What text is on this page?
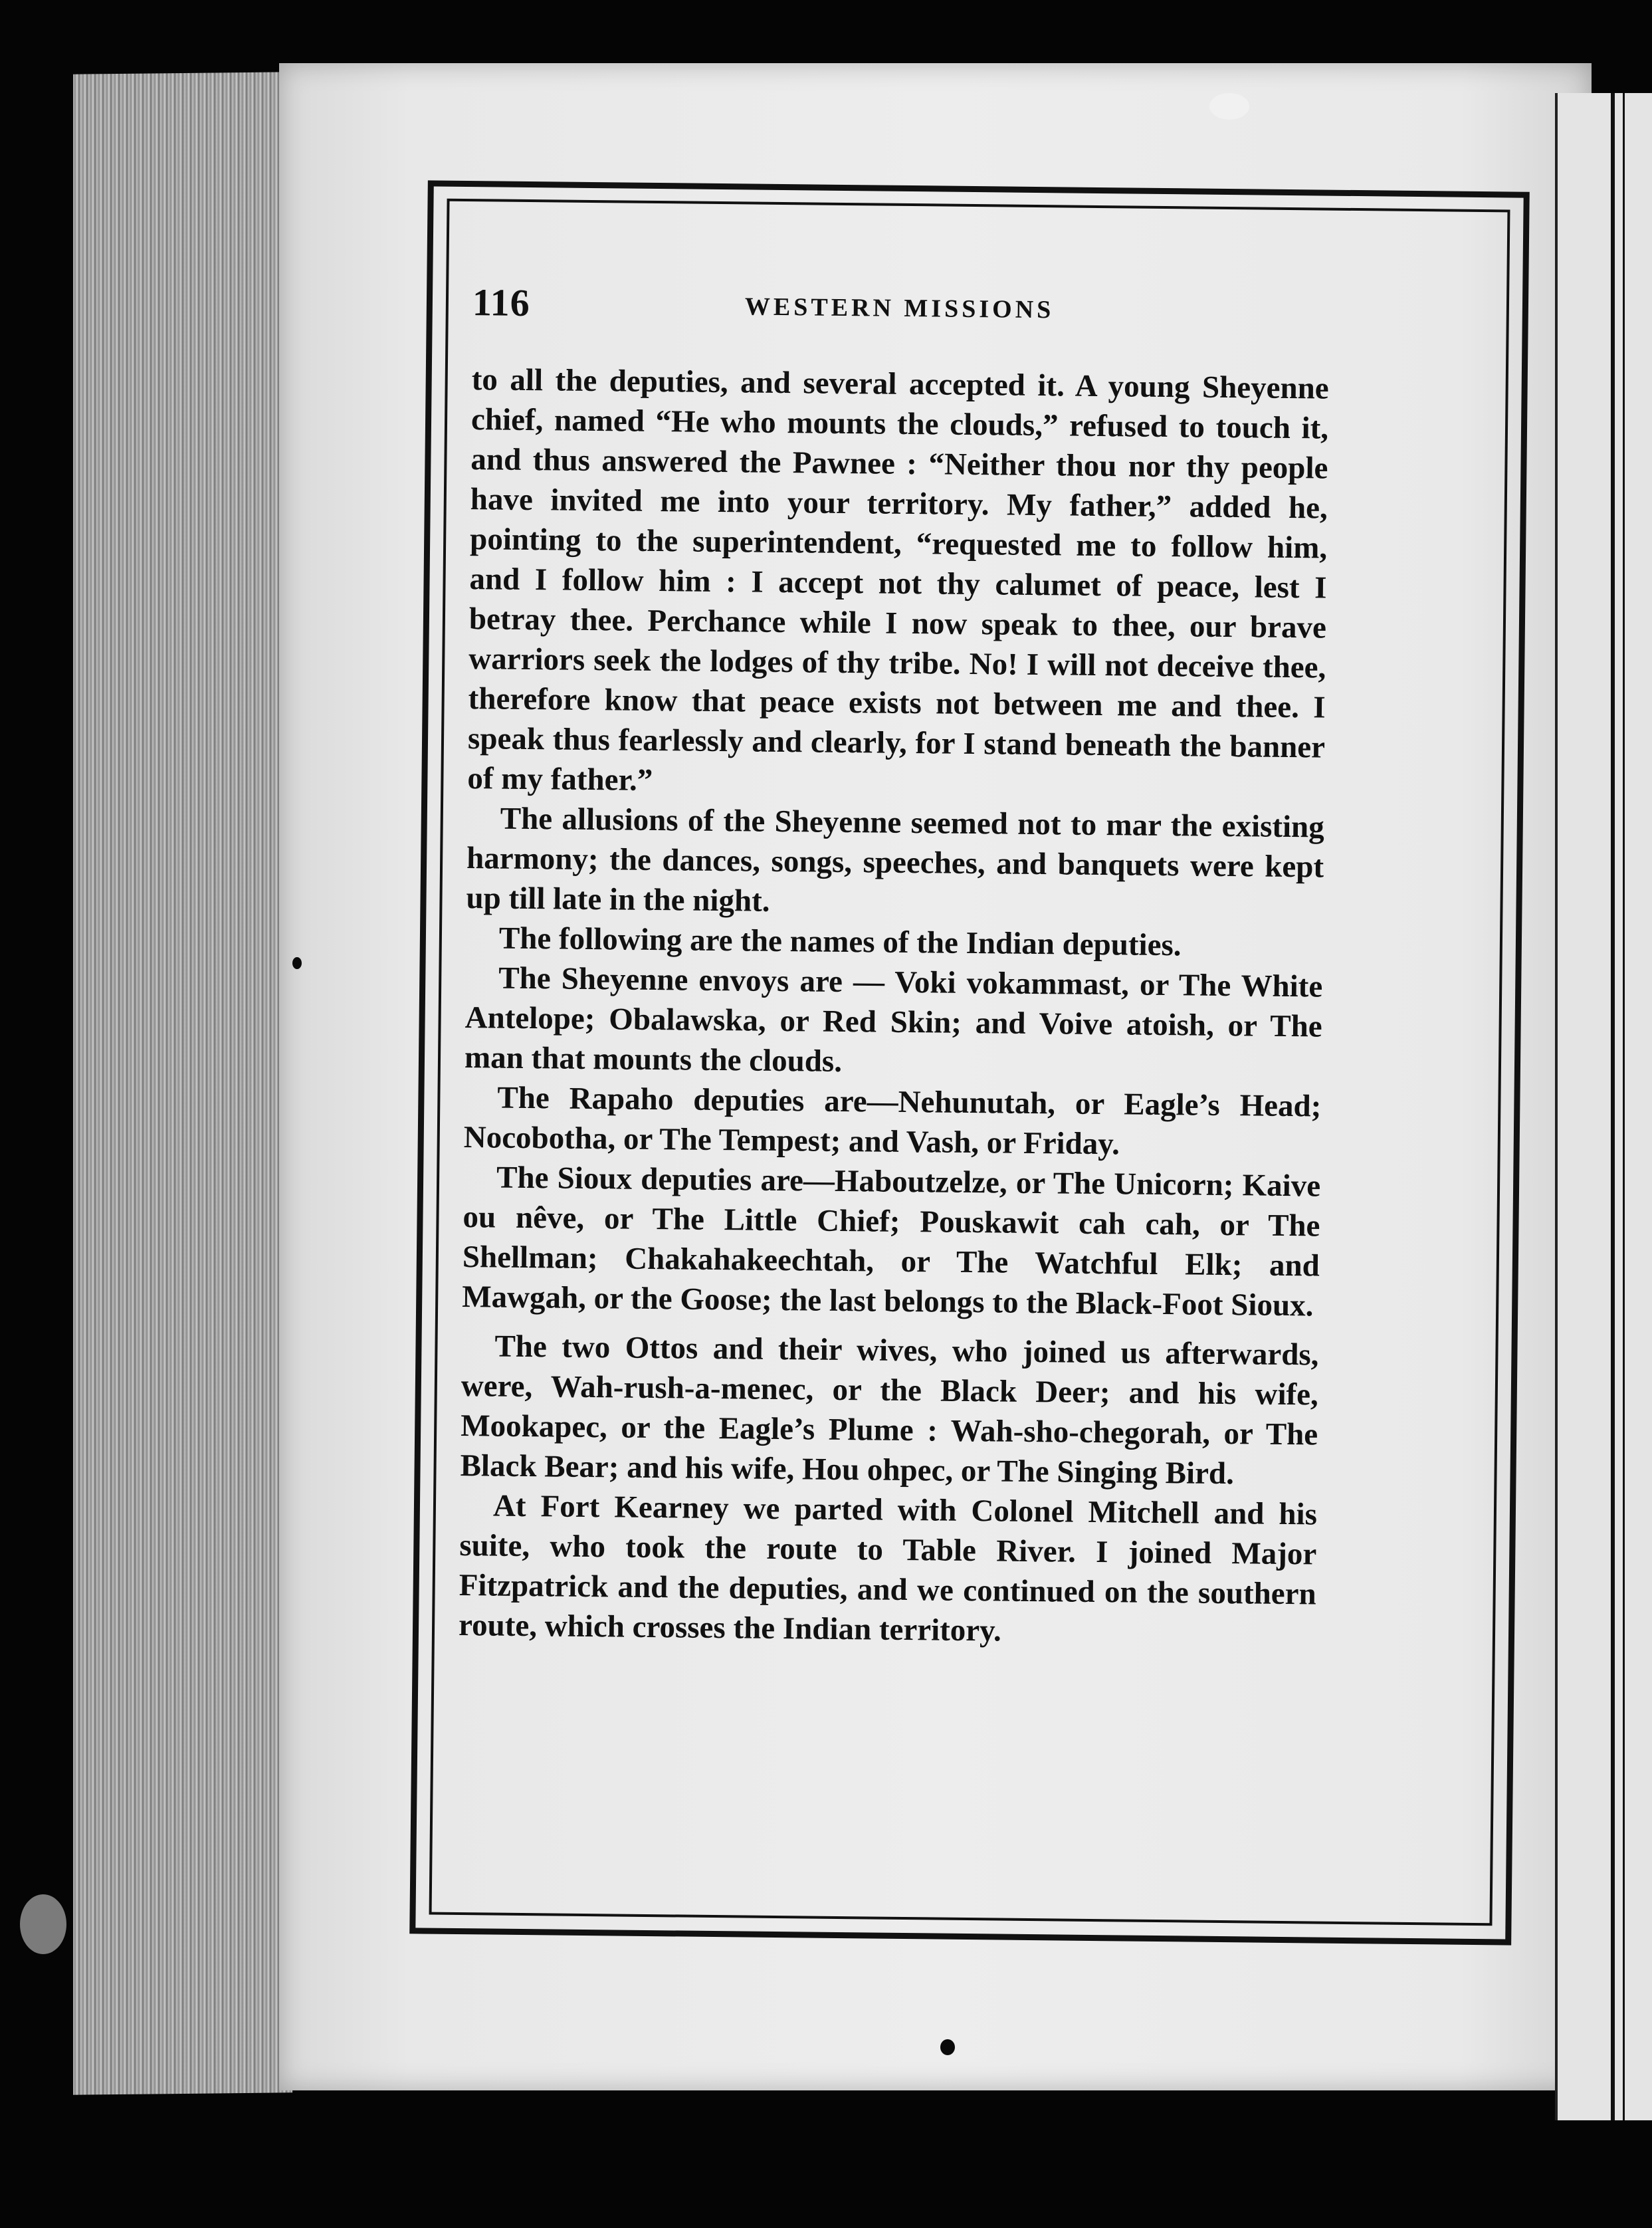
116	WESTERN MISSIONS

to all the deputies, and several accepted it. A young Sheyenne chief, named “He who mounts the clouds,” refused to touch it, and thus answered the Pawnee : “Neither thou nor thy people have invited me into your territory. My father,” added he, pointing to the superintendent, “requested me to follow him, and I follow him : I accept not thy calumet of peace, lest I betray thee. Perchance while I now speak to thee, our brave warriors seek the lodges of thy tribe. No! I will not deceive thee, therefore know that peace exists not between me and thee. I speak thus fearlessly and clearly, for I stand beneath the banner of my father.”

The allusions of the Sheyenne seemed not to mar the existing harmony; the dances, songs, speeches, and banquets were kept up till late in the night.

The following are the names of the Indian deputies.

The Sheyenne envoys are — Voki vokammast, or The White Antelope; Obalawska, or Red Skin; and Voive atoish, or The man that mounts the clouds.

The Rapaho deputies are—Nehunutah, or Eagle’s Head; Nocobotha, or The Tempest; and Vash, or Friday.

The Sioux deputies are—Haboutzelze, or The Unicorn; Kaive ou nêve, or The Little Chief; Pouskawit cah cah, or The Shellman; Chakahakeechtah, or The Watchful Elk; and Mawgah, or the Goose; the last belongs to the Black-Foot Sioux.

The two Ottos and their wives, who joined us afterwards, were, Wah-rush-a-menec, or the Black Deer; and his wife, Mookapec, or the Eagle’s Plume : Wah-sho-chegorah, or The Black Bear; and his wife, Hou ohpec, or The Singing Bird.

At Fort Kearney we parted with Colonel Mitchell and his suite, who took the route to Table River. I joined Major Fitzpatrick and the deputies, and we continued on the southern route, which crosses the Indian territory.
